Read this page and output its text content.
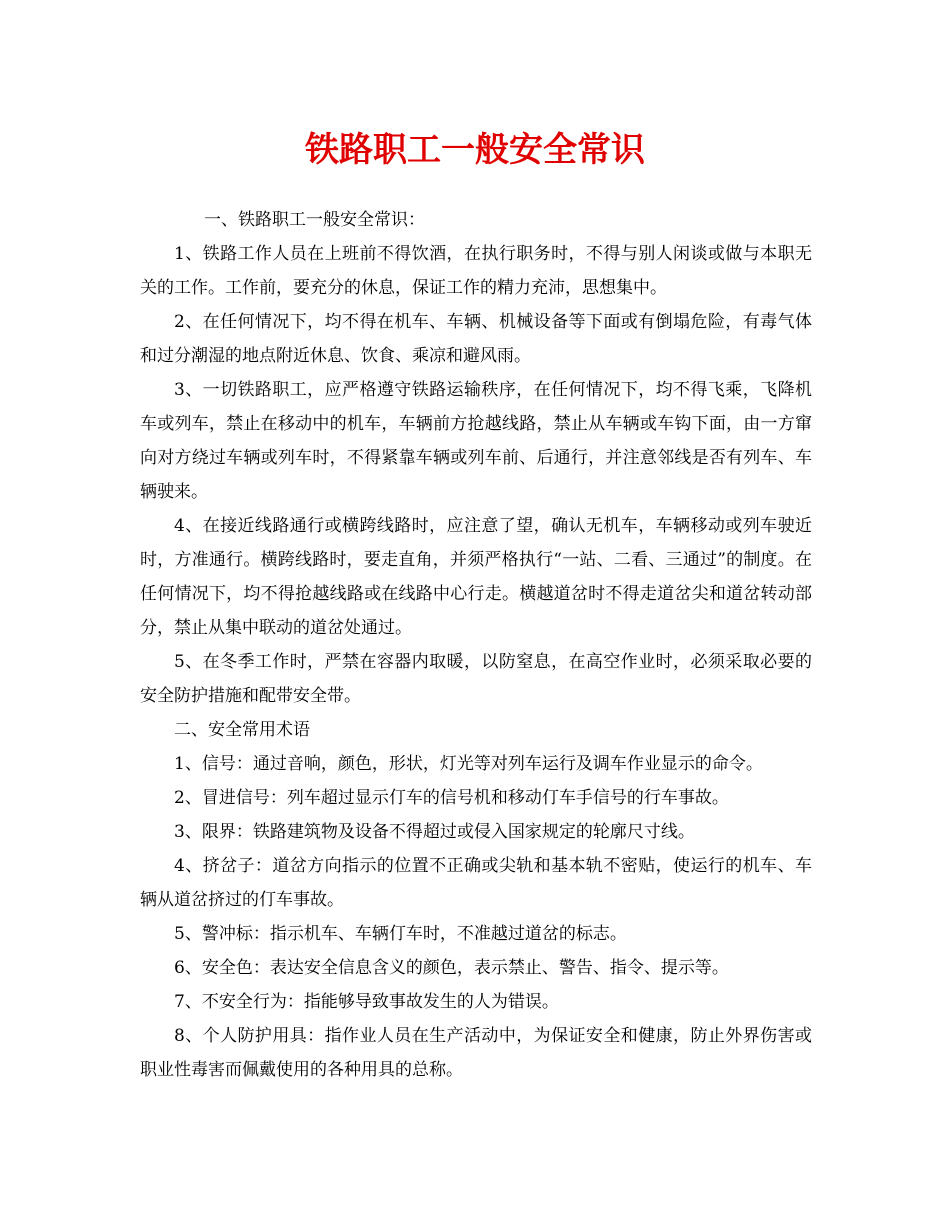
铁路职工一般安全常识

一、铁路职工一般安全常识：

1、铁路工作人员在上班前不得饮酒，在执行职务时，不得与别人闲谈或做与本职无关的工作。工作前，要充分的休息，保证工作的精力充沛，思想集中。

2、在任何情况下，均不得在机车、车辆、机械设备等下面或有倒塌危险，有毒气体和过分潮湿的地点附近休息、饮食、乘凉和避风雨。

3、一切铁路职工，应严格遵守铁路运输秩序，在任何情况下，均不得飞乘，飞降机车或列车，禁止在移动中的机车，车辆前方抢越线路，禁止从车辆或车钩下面，由一方窜向对方绕过车辆或列车时，不得紧靠车辆或列车前、后通行，并注意邻线是否有列车、车辆驶来。

4、在接近线路通行或横跨线路时，应注意了望，确认无机车，车辆移动或列车驶近时，方准通行。横跨线路时，要走直角，并须严格执行“一站、二看、三通过”的制度。在任何情况下，均不得抢越线路或在线路中心行走。横越道岔时不得走道岔尖和道岔转动部分，禁止从集中联动的道岔处通过。

5、在冬季工作时，严禁在容器内取暖，以防窒息，在高空作业时，必须采取必要的安全防护措施和配带安全带。

二、安全常用术语

1、信号：通过音响，颜色，形状，灯光等对列车运行及调车作业显示的命令。

2、冒进信号：列车超过显示仃车的信号机和移动仃车手信号的行车事故。

3、限界：铁路建筑物及设备不得超过或侵入国家规定的轮廓尺寸线。

4、挤岔子：道岔方向指示的位置不正确或尖轨和基本轨不密贴，使运行的机车、车辆从道岔挤过的仃车事故。

5、警冲标：指示机车、车辆仃车时，不准越过道岔的标志。

6、安全色：表达安全信息含义的颜色，表示禁止、警告、指令、提示等。

7、不安全行为：指能够导致事故发生的人为错误。

8、个人防护用具：指作业人员在生产活动中，为保证安全和健康，防止外界伤害或职业性毒害而佩戴使用的各种用具的总称。
